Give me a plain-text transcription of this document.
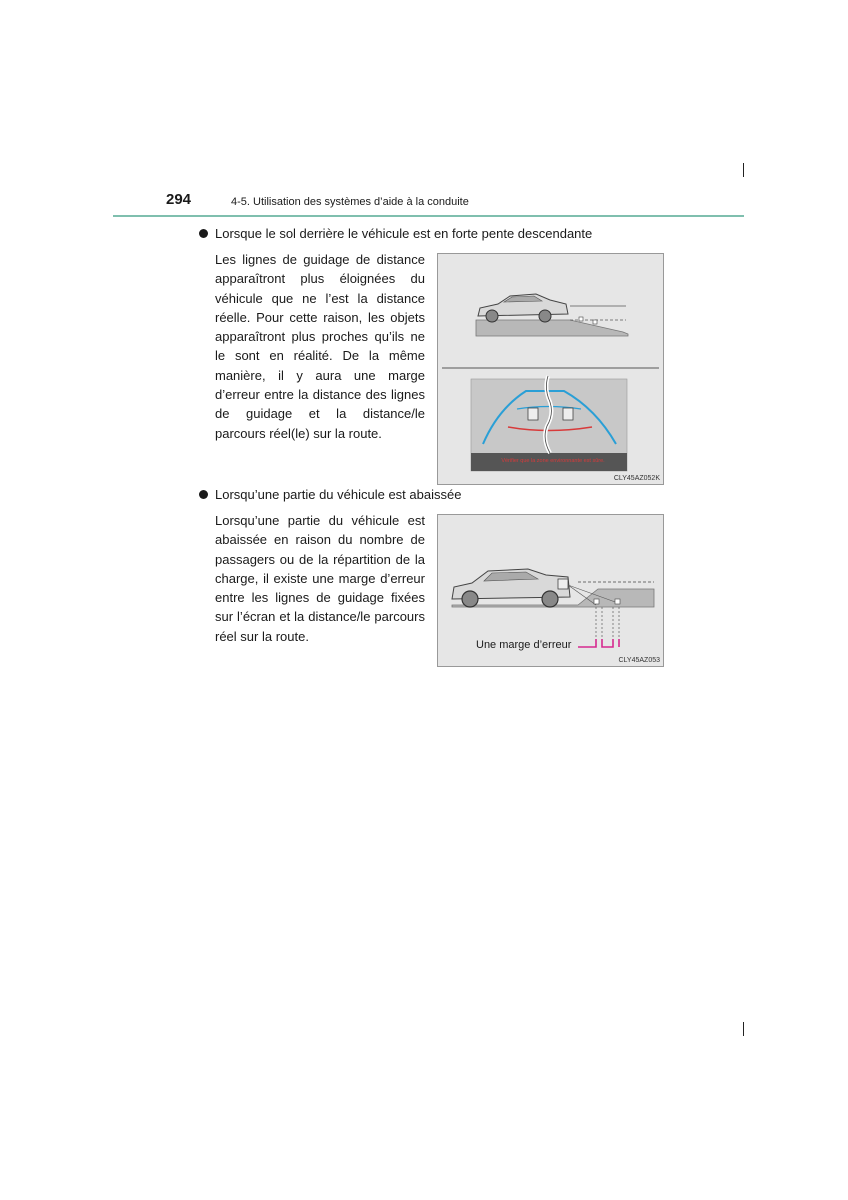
294	4-5. Utilisation des systèmes d’aide à la conduite
Lorsque le sol derrière le véhicule est en forte pente descendante
Les lignes de guidage de distance apparaîtront plus éloignées du véhicule que ne l’est la distance réelle. Pour cette raison, les objets apparaîtront plus proches qu’ils ne le sont en réalité. De la même manière, il y aura une marge d’erreur entre la distance des lignes de guidage et la distance/le parcours réel(le) sur la route.
Vérifier que la zone environnante est sûre.
CLY45AZ052K
Lorsqu’une partie du véhicule est abaissée
Lorsqu’une partie du véhicule est abaissée en raison du nombre de passagers ou de la répartition de la charge, il existe une marge d’erreur entre les lignes de guidage fixées sur l’écran et la distance/le parcours réel sur la route.
Une marge d’erreur
CLY45AZ053
